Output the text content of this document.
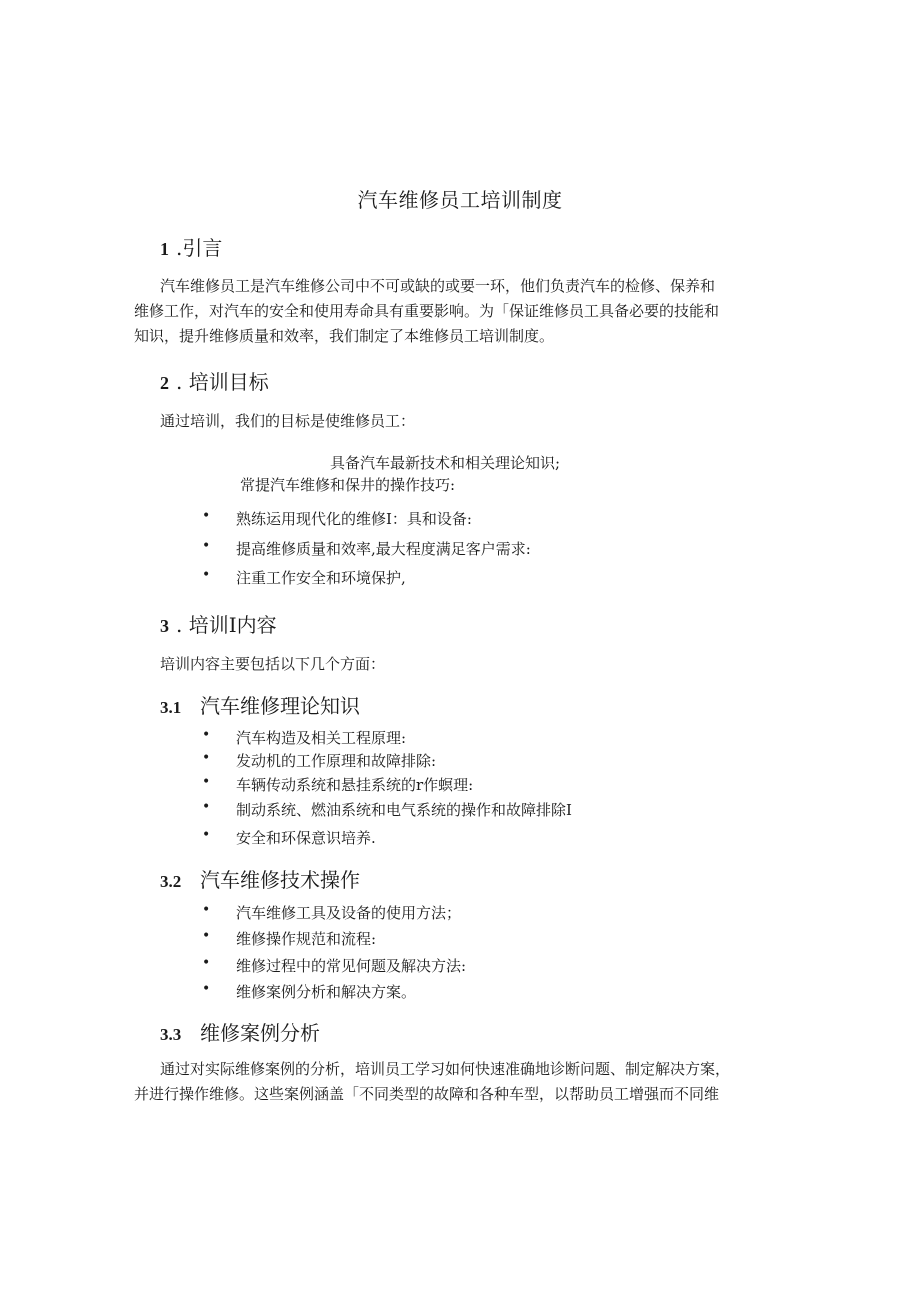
汽车维修员工培训制度
1 .引言
汽车维修员工是汽车维修公司中不可或缺的或要一环，他们负责汽车的检修、保养和
维修工作，对汽车的安全和使用寿命具有重要影响。为「保证维修员工具备必要的技能和
知识，提升维修质量和效率，我们制定了本维修员工培训制度。
2 . 培训目标
通过培训，我们的目标是使维修员工：
具备汽车最新技术和相关理论知识;
常提汽车维修和保井的操作技巧:
• 熟练运用现代化的维修I：具和设备:
• 提高维修质量和效率,最大程度满足客户需求:
• 注重工作安全和环境保护,
3 . 培训I内容
培训内容主要包括以下几个方面：
3.1 汽车维修理论知识
• 汽车构造及相关工程原理:
• 发动机的工作原理和故障排除:
• 车辆传动系统和悬挂系统的r作螟理:
• 制动系统、燃油系统和电气系统的操作和故障排除I
• 安全和环保意识培养.
3.2 汽车维修技术操作
• 汽车维修工具及设备的使用方法；
• 维修操作规范和流程:
• 维修过程中的常见何题及解决方法:
• 维修案例分析和解决方案。
3.3 维修案例分析
通过对实际维修案例的分析，培训员工学习如何快速准确地诊断问题、制定解决方案，
并进行操作维修。这些案例涵盖「不同类型的故障和各种车型，以帮助员工增强而不同维
